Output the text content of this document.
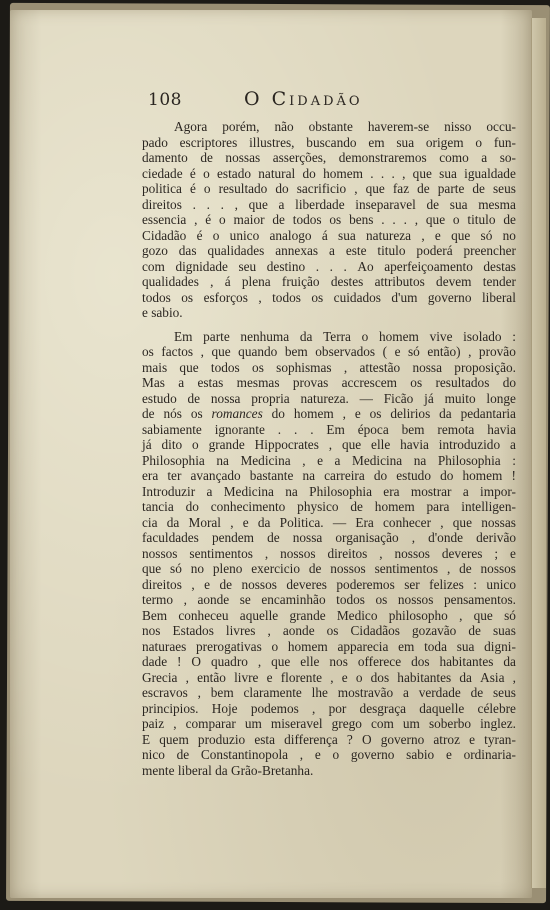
108	O Cidadão
Agora porém, não obstante haverem-se nisso occu-
pado escriptores illustres, buscando em sua origem o fun-
damento de nossas asserções, demonstraremos como a so-
ciedade é o estado natural do homem . . . , que sua igualdade
politica é o resultado do sacrificio , que faz de parte de seus
direitos . . . , que a liberdade inseparavel de sua mesma
essencia , é o maior de todos os bens . . . , que o titulo de
Cidadão é o unico analogo á sua natureza , e que só no
gozo das qualidades annexas a este titulo poderá preencher
com dignidade seu destino . . . Ao aperfeiçoamento destas
qualidades , á plena fruição destes attributos devem tender
todos os esforços , todos os cuidados d'um governo liberal
e sabio.
Em parte nenhuma da Terra o homem vive isolado :
os factos , que quando bem observados ( e só então) , provão
mais que todos os sophismas , attestão nossa proposição.
Mas a estas mesmas provas accrescem os resultados do
estudo de nossa propria natureza. — Ficão já muito longe
de nós os romances do homem , e os delirios da pedantaria
sabiamente ignorante . . . Em época bem remota havia
já dito o grande Hippocrates , que elle havia introduzido a
Philosophia na Medicina , e a Medicina na Philosophia :
era ter avançado bastante na carreira do estudo do homem !
Introduzir a Medicina na Philosophia era mostrar a impor-
tancia do conhecimento physico de homem para intelligen-
cia da Moral , e da Politica. — Era conhecer , que nossas
faculdades pendem de nossa organisação , d'onde derivão
nossos sentimentos , nossos direitos , nossos deveres ; e
que só no pleno exercicio de nossos sentimentos , de nossos
direitos , e de nossos deveres poderemos ser felizes : unico
termo , aonde se encaminhão todos os nossos pensamentos.
Bem conheceu aquelle grande Medico philosopho , que só
nos Estados livres , aonde os Cidadãos gozavão de suas
naturaes prerogativas o homem apparecia em toda sua digni-
dade ! O quadro , que elle nos offerece dos habitantes da
Grecia , então livre e florente , e o dos habitantes da Asia ,
escravos , bem claramente lhe mostravão a verdade de seus
principios. Hoje podemos , por desgraça daquelle célebre
paiz , comparar um miseravel grego com um soberbo inglez.
E quem produzio esta differença ? O governo atroz e tyran-
nico de Constantinopola , e o governo sabio e ordinaria-
mente liberal da Grão-Bretanha.
